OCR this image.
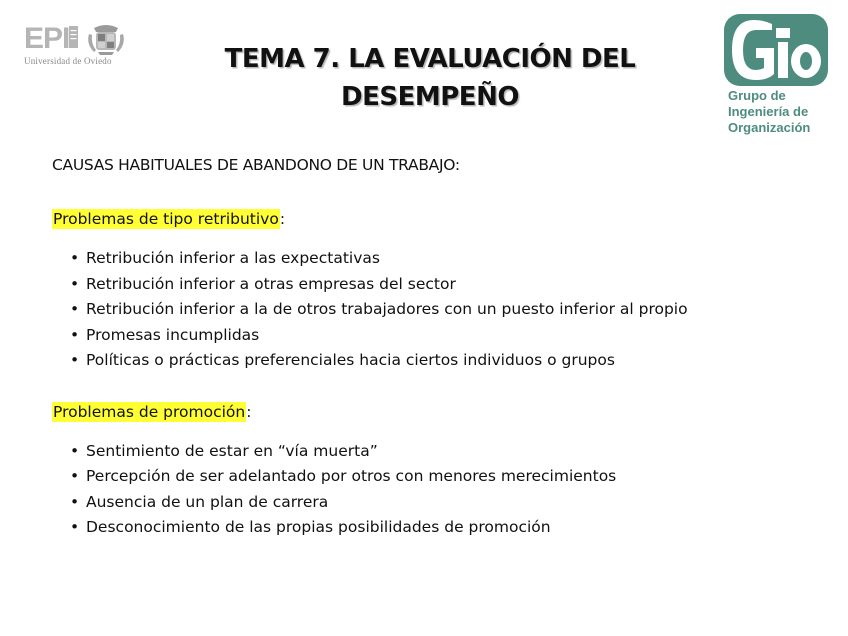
EPI
Universidad de Oviedo	TEMA 7. LA EVALUACIÓN DEL
DESEMPEÑO	Grupo de
Ingeniería de
Organización

CAUSAS HABITUALES DE ABANDONO DE UN TRABAJO:

Problemas de tipo retributivo:

• Retribución inferior a las expectativas
• Retribución inferior a otras empresas del sector
• Retribución inferior a la de otros trabajadores con un puesto inferior al propio
• Promesas incumplidas
• Políticas o prácticas preferenciales hacia ciertos individuos o grupos

Problemas de promoción:

• Sentimiento de estar en “vía muerta”
• Percepción de ser adelantado por otros con menores merecimientos
• Ausencia de un plan de carrera
• Desconocimiento de las propias posibilidades de promoción
